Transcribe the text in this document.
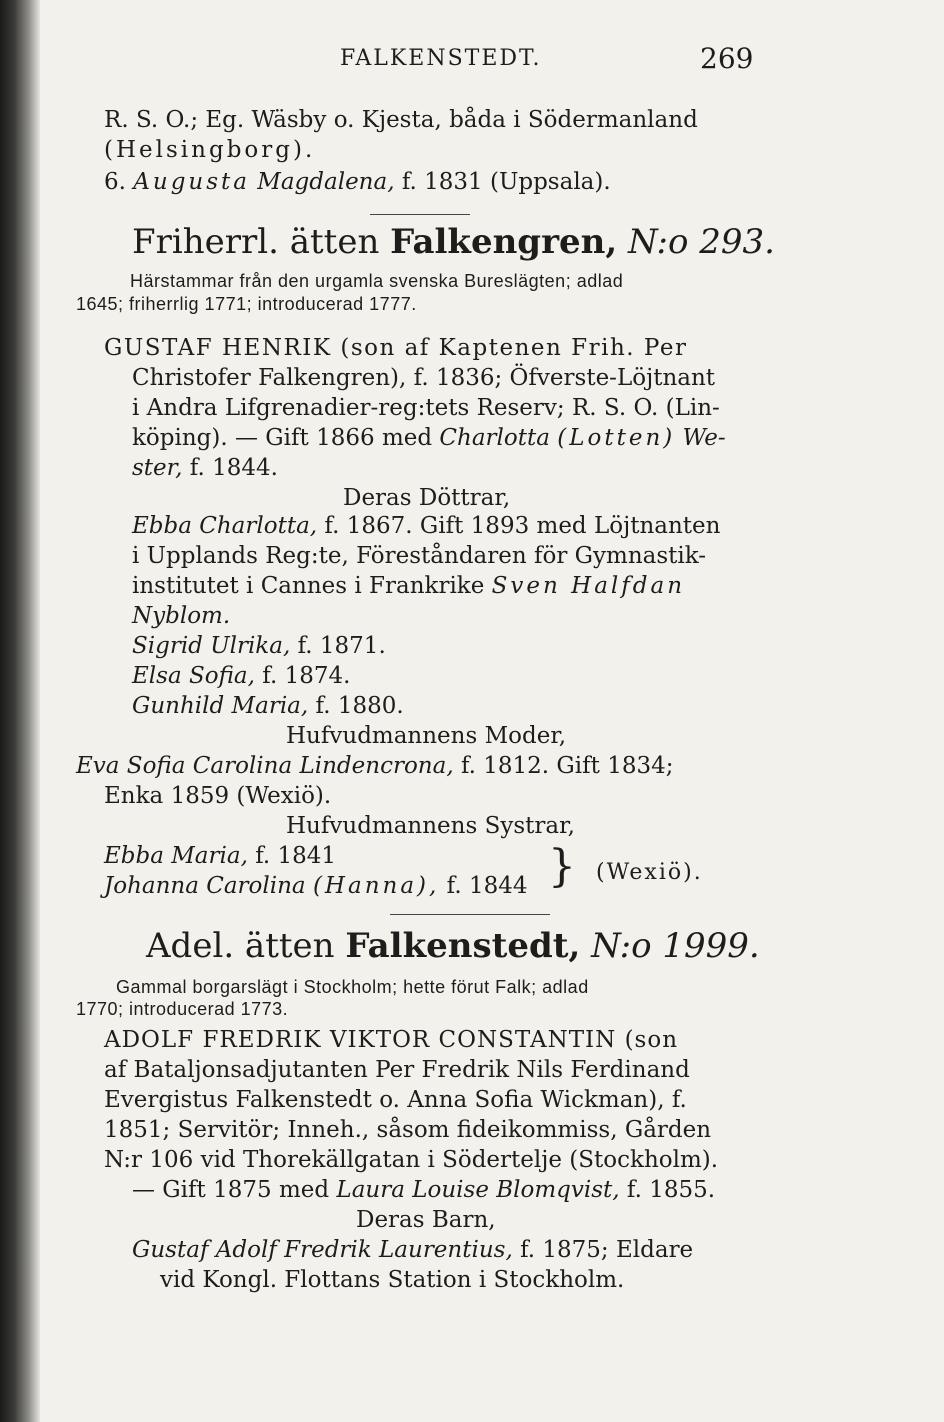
FALKENSTEDT.	269
R. S. O.; Eg. Wäsby o. Kjesta, båda i Södermanland
(Helsingborg).
6. Augusta Magdalena, f. 1831 (Uppsala).
Friherrl. ätten Falkengren, N:o 293.
Härstammar från den urgamla svenska Bureslägten; adlad
1645; friherrlig 1771; introducerad 1777.
GUSTAF HENRIK (son af Kaptenen Frih. Per
Christofer Falkengren), f. 1836; Öfverste-Löjtnant
i Andra Lifgrenadier-reg:tets Reserv; R. S. O. (Lin-
köping). — Gift 1866 med Charlotta (Lotten) We-
ster, f. 1844.
Deras Döttrar,
Ebba Charlotta, f. 1867. Gift 1893 med Löjtnanten
i Upplands Reg:te, Föreståndaren för Gymnastik-
institutet i Cannes i Frankrike Sven Halfdan
Nyblom.
Sigrid Ulrika, f. 1871.
Elsa Sofia, f. 1874.
Gunhild Maria, f. 1880.
Hufvudmannens Moder,
Eva Sofia Carolina Lindencrona, f. 1812. Gift 1834;
Enka 1859 (Wexiö).
Hufvudmannens Systrar,
Ebba Maria, f. 1841
Johanna Carolina (Hanna), f. 1844 } (Wexiö).
Adel. ätten Falkenstedt, N:o 1999.
Gammal borgarslägt i Stockholm; hette förut Falk; adlad
1770; introducerad 1773.
ADOLF FREDRIK VIKTOR CONSTANTIN (son
af Bataljonsadjutanten Per Fredrik Nils Ferdinand
Evergistus Falkenstedt o. Anna Sofia Wickman), f.
1851; Servitör; Inneh., såsom fideikommiss, Gården
N:r 106 vid Thorekällgatan i Södertelje (Stockholm).
— Gift 1875 med Laura Louise Blomqvist, f. 1855.
Deras Barn,
Gustaf Adolf Fredrik Laurentius, f. 1875; Eldare
vid Kongl. Flottans Station i Stockholm.
